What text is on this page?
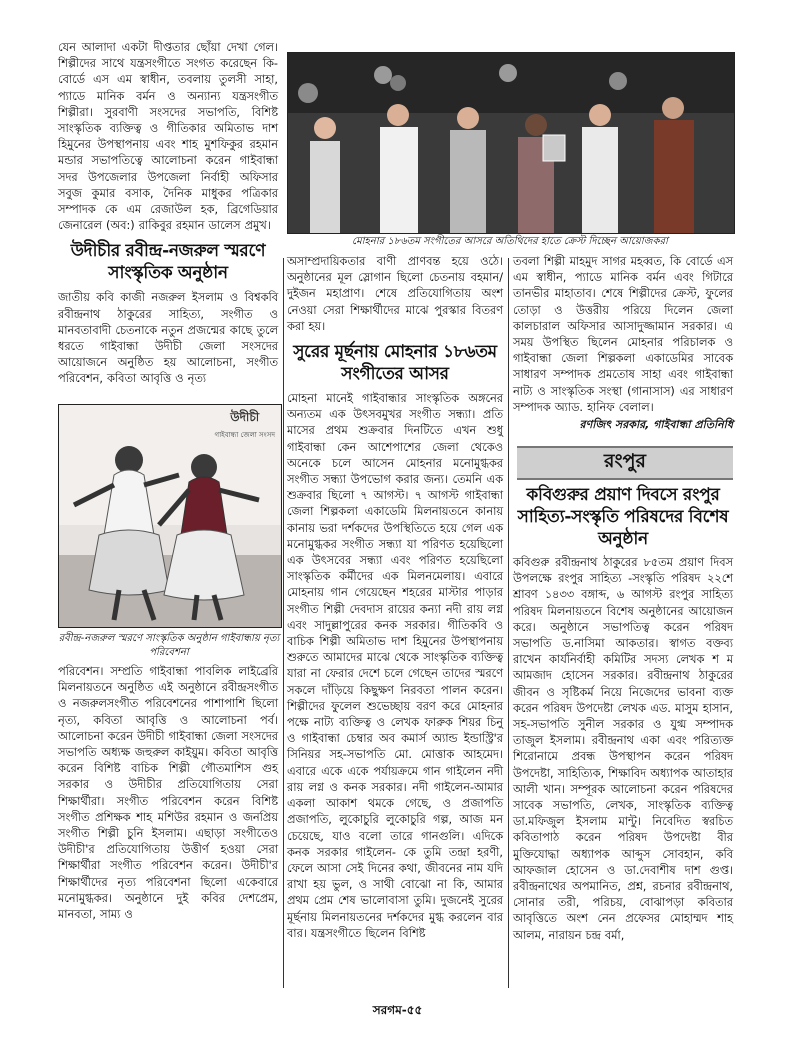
যেন আলাদা একটা দীপ্ততার ছোঁয়া দেখা গেল। শিল্পীদের সাথে যন্ত্রসংগীতে সংগত করেছেন কি-বোর্ডে এস এম স্বাধীন, তবলায় তুলসী সাহা, প্যাডে মানিক বর্মন ও অন্যান্য যন্ত্রসংগীত শিল্পীরা। সুরবাণী সংসদের সভাপতি, বিশিষ্ট সাংস্কৃতিক ব্যক্তিত্ব ও গীতিকার অমিতাভ দাশ হিমুনের উপস্থাপনায় এবং শাহ মুশফিকুর রহমান মন্ডার সভাপতিত্বে আলোচনা করেন গাইবান্ধা সদর উপজেলার উপজেলা নির্বাহী অফিসার সবুজ কুমার বসাক, দৈনিক মাধুকর পত্রিকার সম্পাদক কে এম রেজাউল হক, ব্রিগেডিয়ার জেনারেল (অব:) রাকিবুর রহমান ডালেস প্রমুখ।

উদীচীর রবীন্দ্র-নজরুল স্মরণে সাংস্কৃতিক অনুষ্ঠান

জাতীয় কবি কাজী নজরুল ইসলাম ও বিশ্বকবি রবীন্দ্রনাথ ঠাকুরের সাহিত্য, সংগীত ও মানবতাবাদী চেতনাকে নতুন প্রজন্মের কাছে তুলে ধরতে গাইবান্ধা উদীচী জেলা সংসদের আয়োজনে অনুষ্ঠিত হয় আলোচনা, সংগীত পরিবেশন, কবিতা আবৃত্তি ও নৃত্য

উদীচী
গাইবান্ধা জেলা সংসদ

রবীন্দ্র-নজরুল স্মরণে সাংস্কৃতিক অনুষ্ঠান গাইবান্ধায় নৃত্য পরিবেশনা

পরিবেশন। সম্প্রতি গাইবান্ধা পাবলিক লাইব্রেরি মিলনায়তনে অনুষ্ঠিত এই অনুষ্ঠানে রবীন্দ্রসংগীত ও নজরুলসংগীত পরিবেশনের পাশাপাশি ছিলো নৃত্য, কবিতা আবৃত্তি ও আলোচনা পর্ব। আলোচনা করেন উদীচী গাইবান্ধা জেলা সংসদের সভাপতি অধ্যক্ষ জহুরুল কাইয়ুম। কবিতা আবৃত্তি করেন বিশিষ্ট বাচিক শিল্পী গৌতমাশিস গুহ সরকার ও উদীচীর প্রতিযোগিতায় সেরা শিক্ষার্থীরা। সংগীত পরিবেশন করেন বিশিষ্ট সংগীত প্রশিক্ষক শাহ মশিউর রহমান ও জনপ্রিয় সংগীত শিল্পী চুনি ইসলাম। এছাড়া সংগীতেও উদীচী'র প্রতিযোগিতায় উত্তীর্ণ হওয়া সেরা শিক্ষার্থীরা সংগীত পরিবেশন করেন। উদীচী'র শিক্ষার্থীদের নৃত্য পরিবেশনা ছিলো একেবারে মনোমুগ্ধকর। অনুষ্ঠানে দুই কবির দেশপ্রেম, মানবতা, সাম্য ও

মোহনার ১৮৬তম সংগীতের আসরে অতিথিদের হাতে ক্রেস্ট দিচ্ছেন আয়োজকরা

অসাম্প্রদায়িকতার বাণী প্রাণবন্ত হয়ে ওঠে। অনুষ্ঠানের মূল স্লোগান ছিলো চেতনায় বহমান/দুইজন মহাপ্রাণ। শেষে প্রতিযোগিতায় অংশ নেওয়া সেরা শিক্ষার্থীদের মাঝে পুরস্কার বিতরণ করা হয়।

সুরের মূর্ছনায় মোহনার ১৮৬তম সংগীতের আসর

মোহনা মানেই গাইবান্ধার সাংস্কৃতিক অঙ্গনের অন্যতম এক উৎসবমুখর সংগীত সন্ধ্যা। প্রতি মাসের প্রথম শুক্রবার দিনটিতে এখন শুধু গাইবান্ধা কেন আশেপাশের জেলা থেকেও অনেকে চলে আসেন মোহনার মনোমুগ্ধকর সংগীত সন্ধ্যা উপভোগ করার জন্য। তেমনি এক শুক্রবার ছিলো ৭ আগস্ট। ৭ আগস্ট গাইবান্ধা জেলা শিল্পকলা একাডেমি মিলনায়তনে কানায় কানায় ভরা দর্শকদের উপস্থিতিতে হয়ে গেল এক মনোমুগ্ধকর সংগীত সন্ধ্যা যা পরিণত হয়েছিলো এক উৎসবের সন্ধ্যা এবং পরিণত হয়েছিলো সাংস্কৃতিক কর্মীদের এক মিলনমেলায়। এবারে মোহনায় গান গেয়েছেন শহরের মাস্টার পাড়ার সংগীত শিল্পী দেবদাস রায়ের কন্যা নদী রায় লগ্ন এবং সাদুল্লাপুরের কনক সরকার। গীতিকবি ও বাচিক শিল্পী অমিতাভ দাশ হিমুনের উপস্থাপনায় শুরুতে আমাদের মাঝে থেকে সাংস্কৃতিক ব্যক্তিত্ব যারা না ফেরার দেশে চলে গেছেন তাদের স্মরণে সকলে দাঁড়িয়ে কিছুক্ষণ নিরবতা পালন করেন। শিল্পীদের ফুলেল শুভেচ্ছায় বরণ করে মোহনার পক্ষে নাট্য ব্যক্তিত্ব ও লেখক ফারুক শিয়র চিনু ও গাইবান্ধা চেম্বার অব কমার্স অ্যান্ড ইন্ডাস্ট্রি'র সিনিয়র সহ-সভাপতি মো. মোত্তাক আহমেদ। এবারে একে একে পর্যায়ক্রমে গান গাইলেন নদী রায় লগ্ন ও কনক সরকার। নদী গাইলেন-আমার একলা আকাশ থমকে গেছে, ও প্রজাপতি প্রজাপতি, লুকোচুরি লুকোচুরি গল্প, আজ মন চেয়েছে, যাও বলো তারে গানগুলি। এদিকে কনক সরকার গাইলেন- কে তুমি তন্দ্রা হরণী, ফেলে আসা সেই দিনের কথা, জীবনের নাম যদি রাখা হয় ভুল, ও সাথী বোঝো না কি, আমার প্রথম প্রেম শেষ ভালোবাসা তুমি। দুজনেই সুরের মূর্ছনায় মিলনায়তনের দর্শকদের মুগ্ধ করলেন বার বার। যন্ত্রসংগীতে ছিলেন বিশিষ্ট

তবলা শিল্পী মাহমুদ সাগর মহব্বত, কি বোর্ডে এস এম স্বাধীন, প্যাডে মানিক বর্মন এবং গিটারে তানভীর মাহাতাব। শেষে শিল্পীদের ক্রেস্ট, ফুলের তোড়া ও উত্তরীয় পরিয়ে দিলেন জেলা কালচারাল অফিসার আসাদুজ্জামান সরকার। এ সময় উপস্থিত ছিলেন মোহনার পরিচালক ও গাইবান্ধা জেলা শিল্পকলা একাডেমির সাবেক সাধারণ সম্পাদক প্রমতোষ সাহা এবং গাইবান্ধা নাট্য ও সাংস্কৃতিক সংস্থা (গানাসাস) এর সাধারণ সম্পাদক অ্যাড. হানিফ বেলাল।

রণজিৎ সরকার, গাইবান্ধা প্রতিনিধি

রংপুর

কবিগুরুর প্রয়াণ দিবসে রংপুর সাহিত্য-সংস্কৃতি পরিষদের বিশেষ অনুষ্ঠান

কবিগুরু রবীন্দ্রনাথ ঠাকুরের ৮৫তম প্রয়াণ দিবস উপলক্ষে রংপুর সাহিত্য -সংস্কৃতি পরিষদ ২২শে শ্রাবণ ১৪৩৩ বঙ্গাব্দ, ৬ আগস্ট রংপুর সাহিত্য পরিষদ মিলনায়তনে বিশেষ অনুষ্ঠানের আয়োজন করে। অনুষ্ঠানে সভাপতিত্ব করেন পরিষদ সভাপতি ড.নাসিমা আকতার। স্বাগত বক্তব্য রাখেন কার্যনির্বাহী কমিটির সদস্য লেখক শ ম আমজাদ হোসেন সরকার। রবীন্দ্রনাথ ঠাকুরের জীবন ও সৃষ্টিকর্ম নিয়ে নিজেদের ভাবনা ব্যক্ত করেন পরিষদ উপদেষ্টা লেখক এড. মাসুম হাসান, সহ-সভাপতি সুনীল সরকার ও যুগ্ম সম্পাদক তাজুল ইসলাম। রবীন্দ্রনাথ একা এবং পরিত্যক্ত শিরোনামে প্রবন্ধ উপস্থাপন করেন পরিষদ উপদেষ্টা, সাহিত্যিক, শিক্ষাবিদ অধ্যাপক আতাহার আলী খান। সম্পূরক আলোচনা করেন পরিষদের সাবেক সভাপতি, লেখক, সাংস্কৃতিক ব্যক্তিত্ব ডা.মফিজুল ইসলাম মান্টু। নিবেদিত স্বরচিত কবিতাপাঠ করেন পরিষদ উপদেষ্টা বীর মুক্তিযোদ্ধা অধ্যাপক আব্দুস সোবহান, কবি আফজাল হোসেন ও ডা.দেবাশীষ দাশ গুপ্ত। রবীন্দ্রনাথের অপমানিত, প্রশ্ন, রচনার রবীন্দ্রনাথ, সোনার তরী, পরিচয়, বোঝাপড়া কবিতার আবৃত্তিতে অংশ নেন প্রফেসর মোহাম্মদ শাহ আলম, নারায়ন চন্দ্র বর্মা,

সরগম-৫৫
